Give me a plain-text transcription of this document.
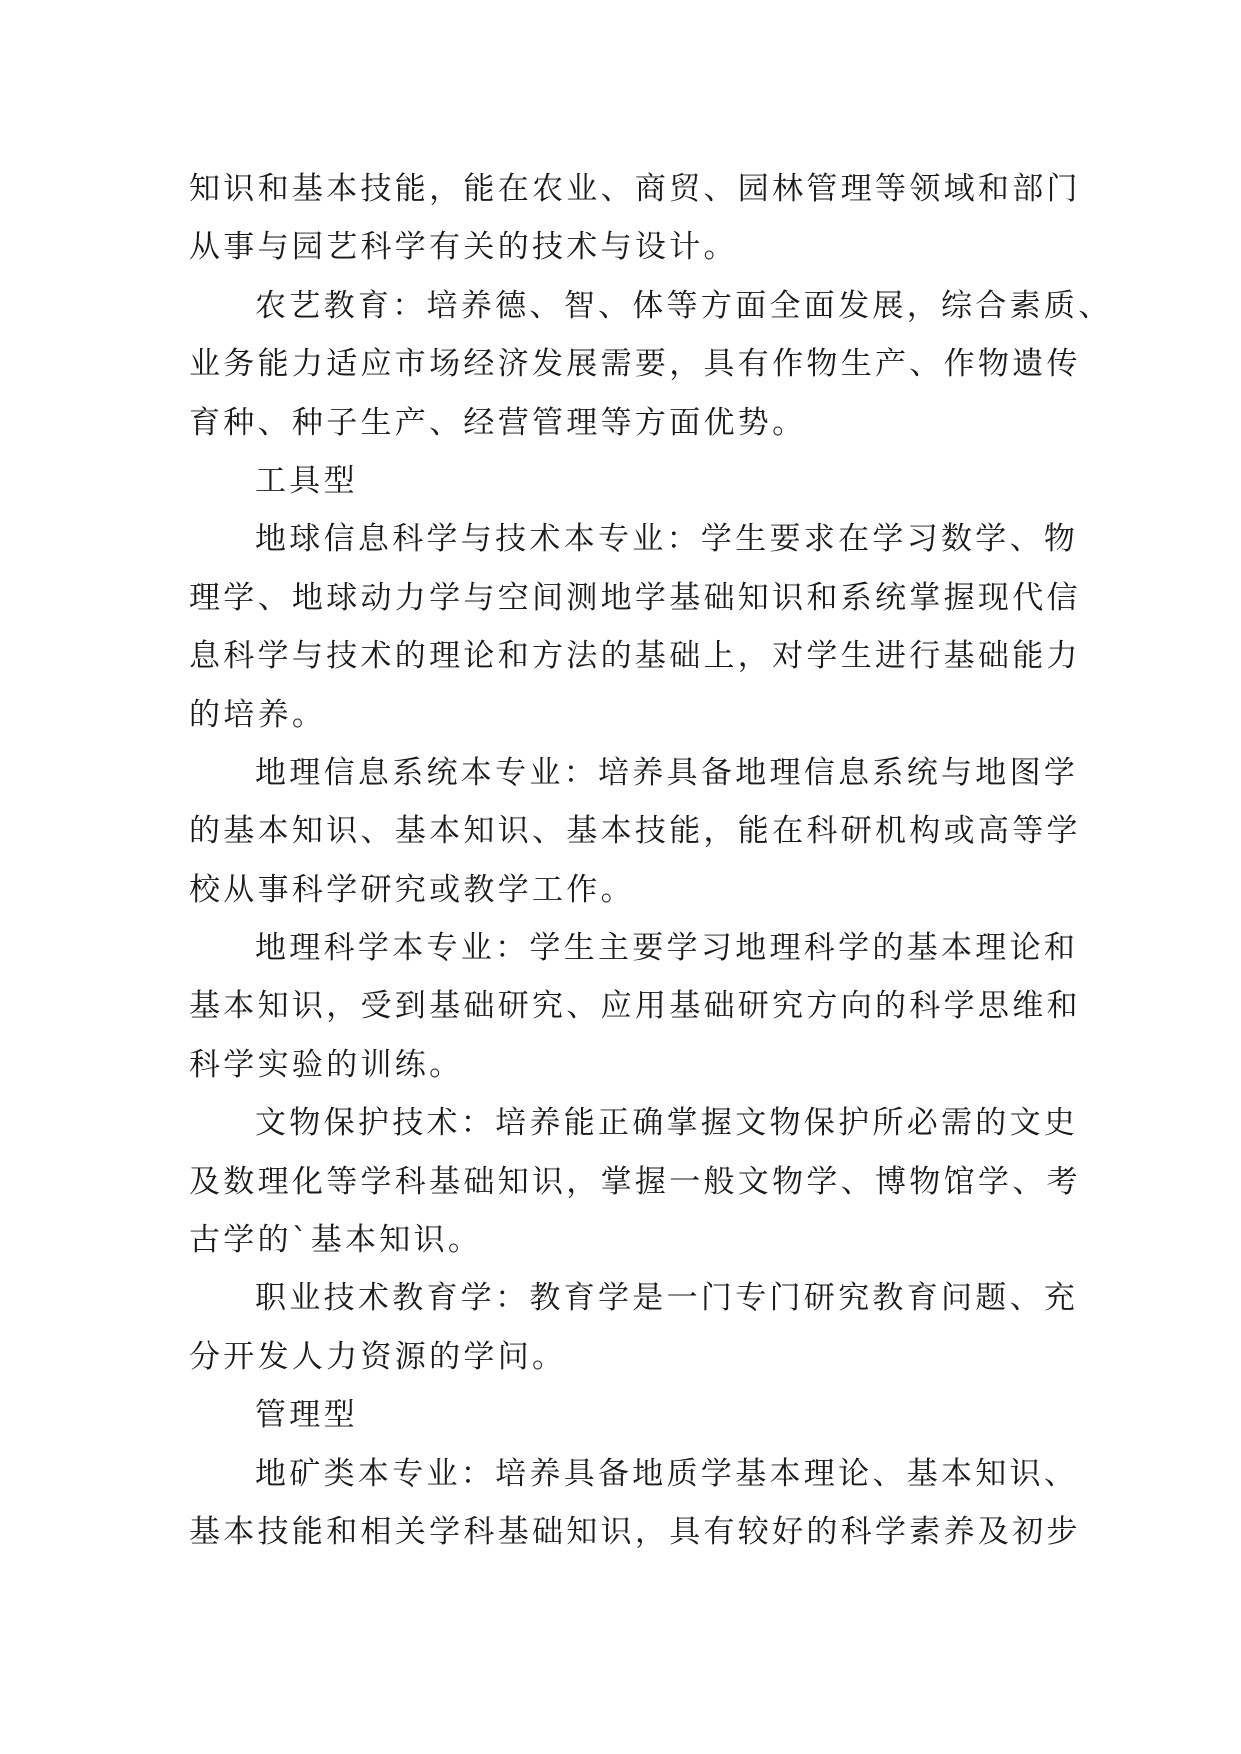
知识和基本技能，能在农业、商贸、园林管理等领域和部门
从事与园艺科学有关的技术与设计。
农艺教育：培养德、智、体等方面全面发展，综合素质、
业务能力适应市场经济发展需要，具有作物生产、作物遗传
育种、种子生产、经营管理等方面优势。
工具型
地球信息科学与技术本专业：学生要求在学习数学、物
理学、地球动力学与空间测地学基础知识和系统掌握现代信
息科学与技术的理论和方法的基础上，对学生进行基础能力
的培养。
地理信息系统本专业：培养具备地理信息系统与地图学
的基本知识、基本知识、基本技能，能在科研机构或高等学
校从事科学研究或教学工作。
地理科学本专业：学生主要学习地理科学的基本理论和
基本知识，受到基础研究、应用基础研究方向的科学思维和
科学实验的训练。
文物保护技术：培养能正确掌握文物保护所必需的文史
及数理化等学科基础知识，掌握一般文物学、博物馆学、考
古学的`基本知识。
职业技术教育学：教育学是一门专门研究教育问题、充
分开发人力资源的学问。
管理型
地矿类本专业：培养具备地质学基本理论、基本知识、
基本技能和相关学科基础知识，具有较好的科学素养及初步
